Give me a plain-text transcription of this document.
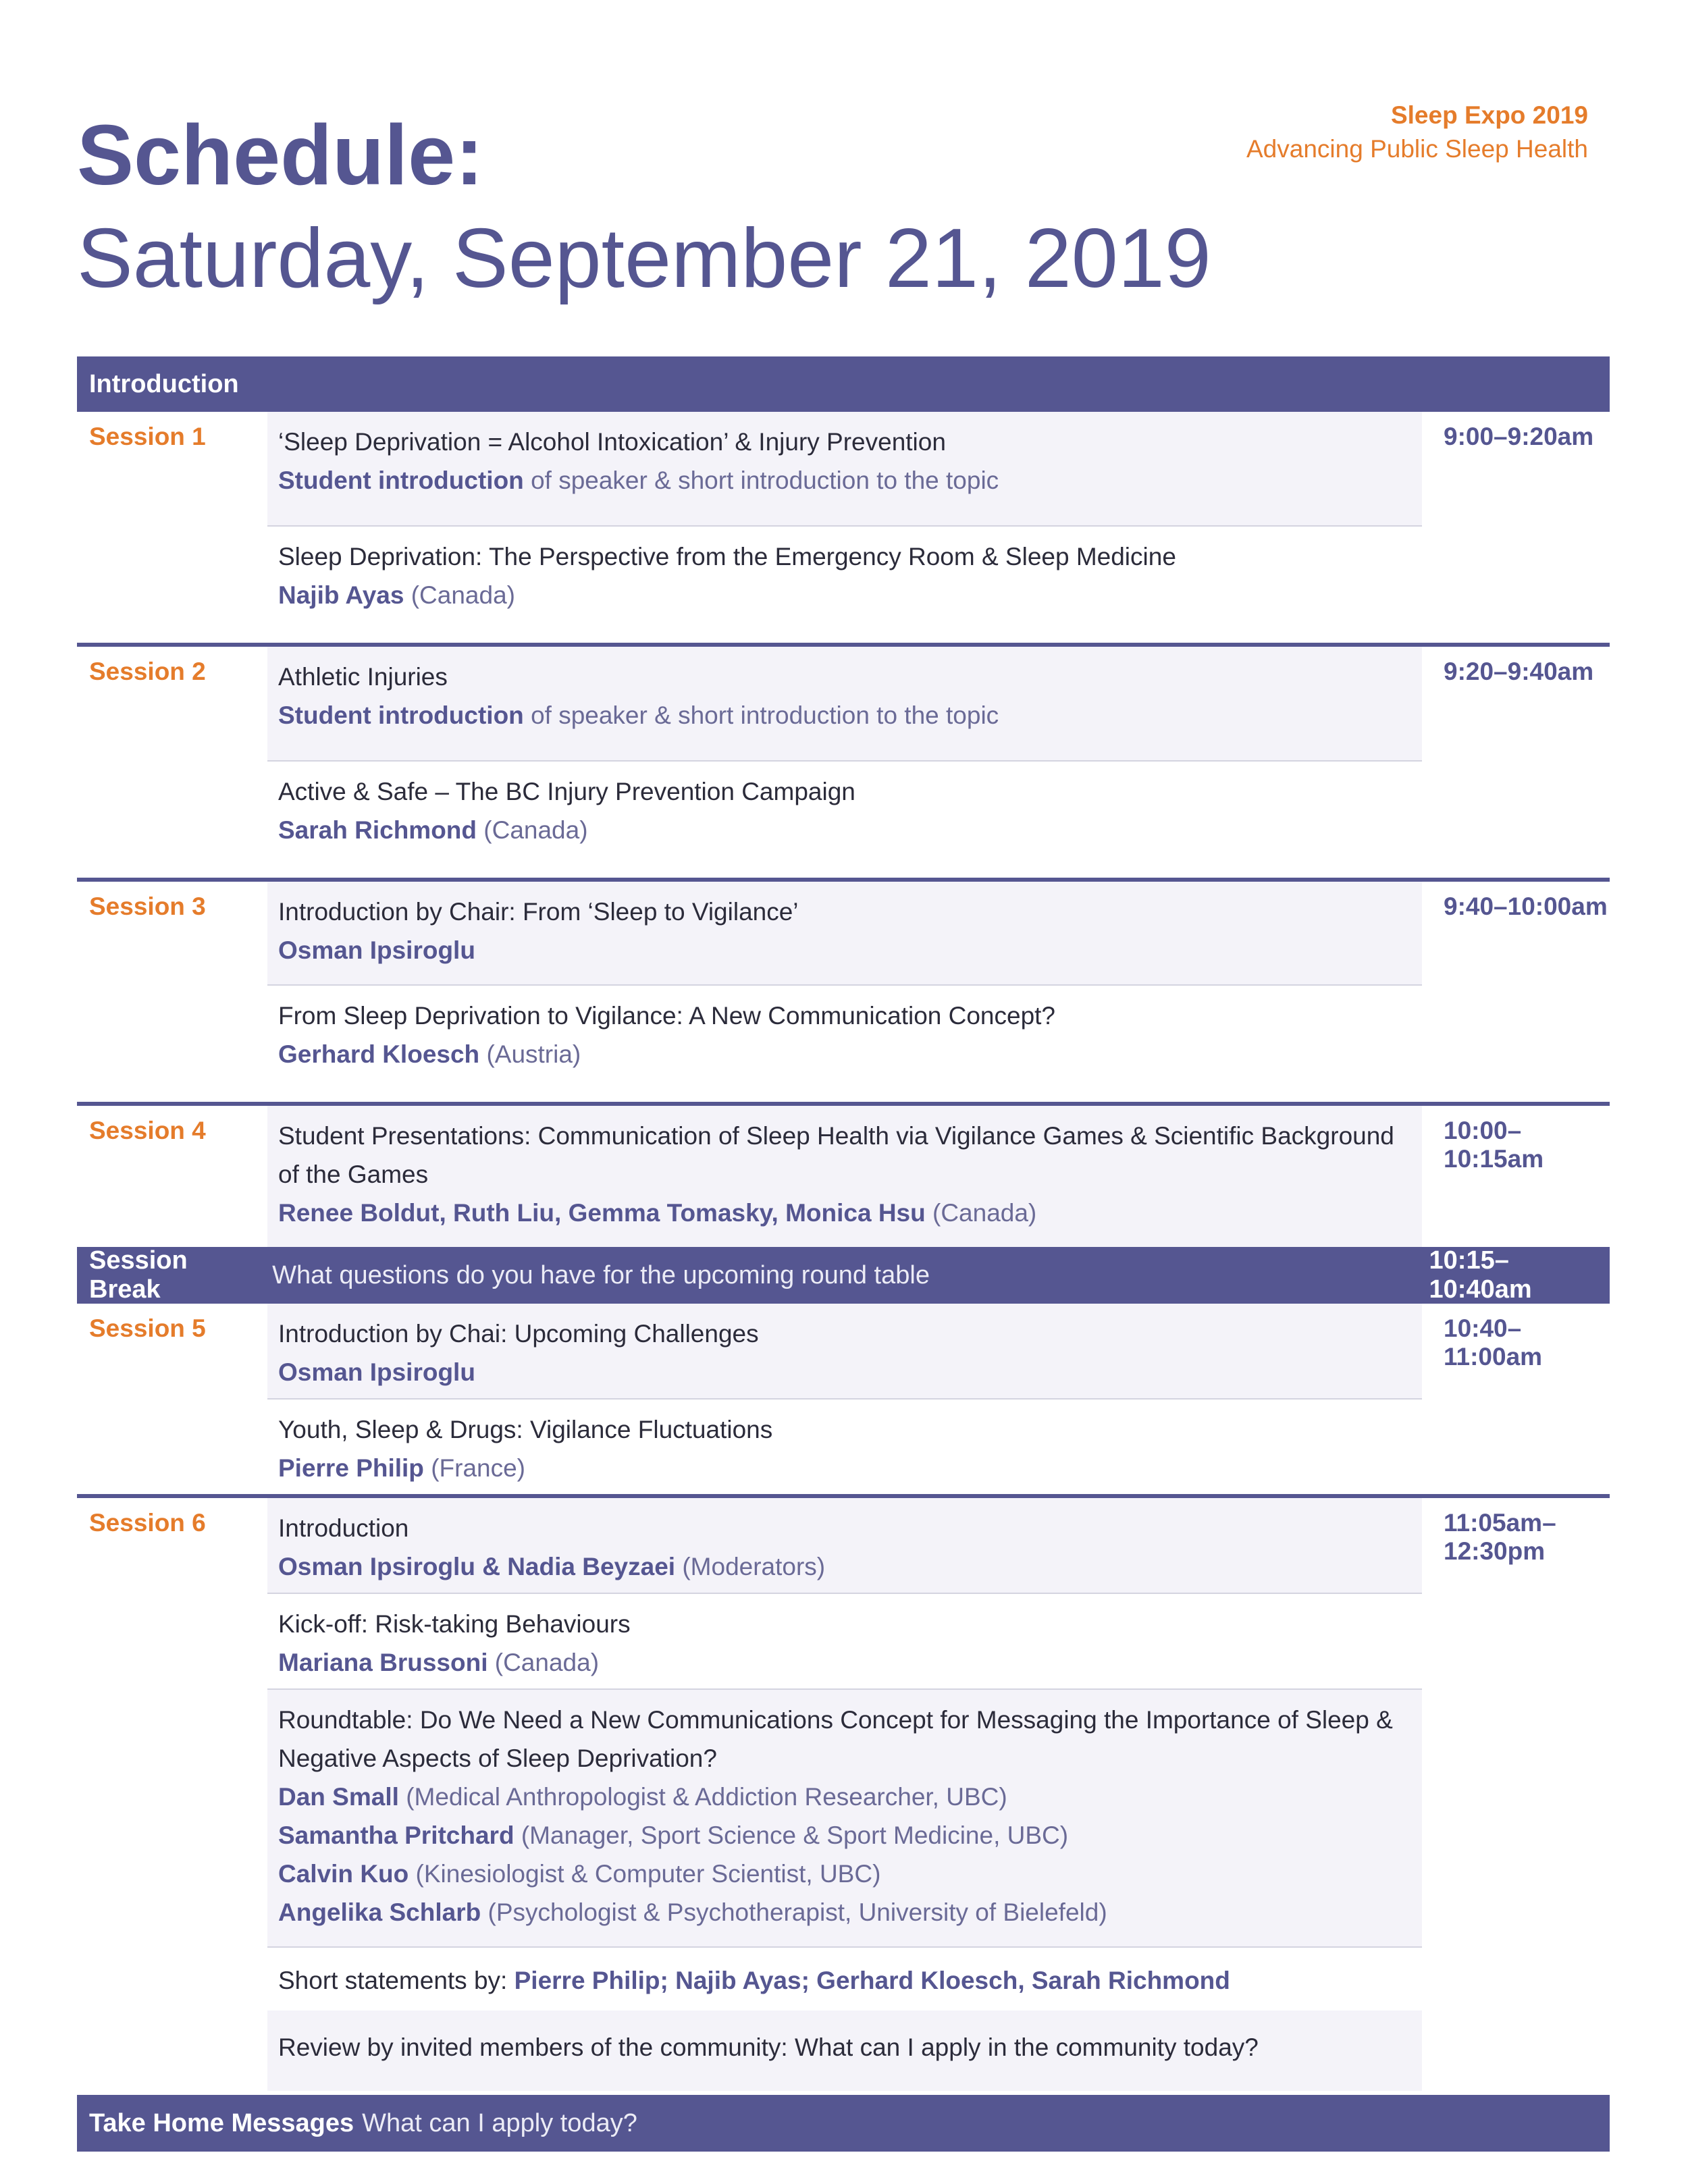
Sleep Expo 2019
Advancing Public Sleep Health
Schedule:
Saturday, September 21, 2019
Introduction
Session 1	‘Sleep Deprivation = Alcohol Intoxication’ & Injury Prevention
Student introduction of speaker & short introduction to the topic
Sleep Deprivation: The Perspective from the Emergency Room & Sleep Medicine
Najib Ayas (Canada)
9:00–9:20am
Session 2	Athletic Injuries
Student introduction of speaker & short introduction to the topic
Active & Safe – The BC Injury Prevention Campaign
Sarah Richmond (Canada)
9:20–9:40am
Session 3	Introduction by Chair: From ‘Sleep to Vigilance’
Osman Ipsiroglu
From Sleep Deprivation to Vigilance: A New Communication Concept?
Gerhard Kloesch (Austria)
9:40–10:00am
Session 4	Student Presentations: Communication of Sleep Health via Vigilance Games & Scientific Background of the Games
Renee Boldut, Ruth Liu, Gemma Tomasky, Monica Hsu (Canada)
10:00–10:15am
Session Break
What questions do you have for the upcoming round table
10:15–10:40am
Session 5	Introduction by Chai: Upcoming Challenges
Osman Ipsiroglu
Youth, Sleep & Drugs: Vigilance Fluctuations
Pierre Philip (France)
10:40–11:00am
Session 6	Introduction
Osman Ipsiroglu & Nadia Beyzaei (Moderators)
Kick-off: Risk-taking Behaviours
Mariana Brussoni (Canada)
Roundtable: Do We Need a New Communications Concept for Messaging the Importance of Sleep & Negative Aspects of Sleep Deprivation?
Dan Small (Medical Anthropologist & Addiction Researcher, UBC)
Samantha Pritchard (Manager, Sport Science & Sport Medicine, UBC)
Calvin Kuo (Kinesiologist & Computer Scientist, UBC)
Angelika Schlarb (Psychologist & Psychotherapist, University of Bielefeld)
Short statements by: Pierre Philip; Najib Ayas; Gerhard Kloesch, Sarah Richmond
Review by invited members of the community: What can I apply in the community today?
11:05am–12:30pm
Take Home Messages What can I apply today?
